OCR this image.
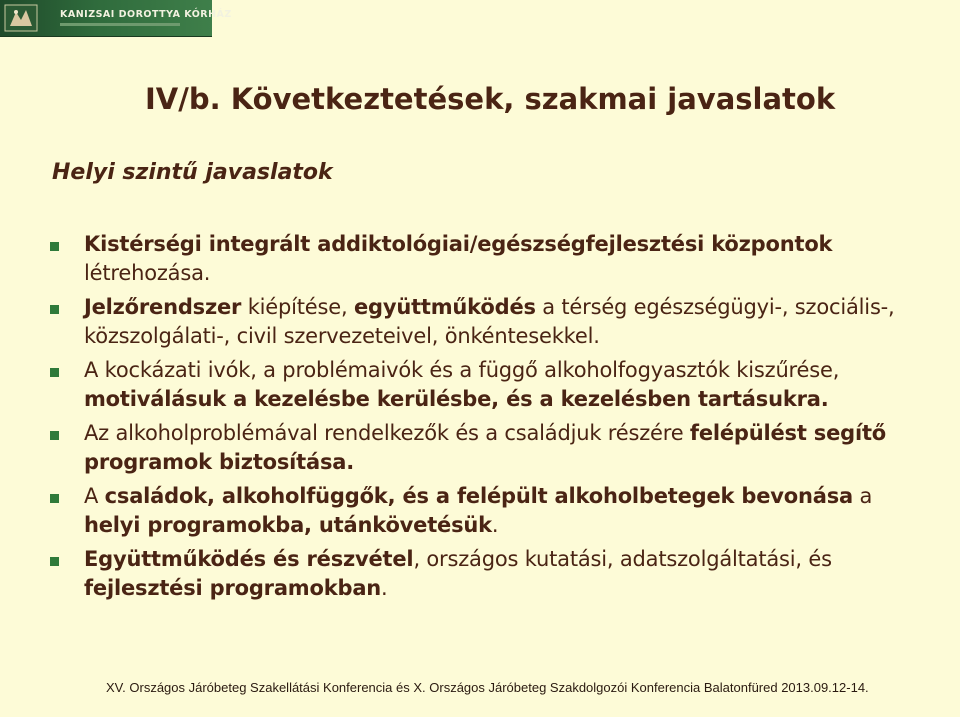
KANIZSAI DOROTTYA KÓRHÁZ
IV/b. Következtetések, szakmai javaslatok
Helyi szintű javaslatok
Kistérségi integrált addiktológiai/egészségfejlesztési központok létrehozása.
Jelzőrendszer kiépítése, együttműködés a térség egészségügyi-, szociális-, közszolgálati-, civil szervezeteivel, önkéntesekkel.
A kockázati ivók, a problémaivók és a függő alkoholfogyasztók kiszűrése, motiválásuk a kezelésbe kerülésbe, és a kezelésben tartásukra.
Az alkoholproblémával rendelkezők és a családjuk részére felépülést segítő programok biztosítása.
A családok, alkoholfüggők, és a felépült alkoholbetegek bevonása a helyi programokba, utánkövetésük.
Együttműködés és részvétel, országos kutatási, adatszolgáltatási, és fejlesztési programokban.
XV. Országos Járóbeteg Szakellátási Konferencia és X. Országos Járóbeteg Szakdolgozói Konferencia Balatonfüred 2013.09.12-14.
